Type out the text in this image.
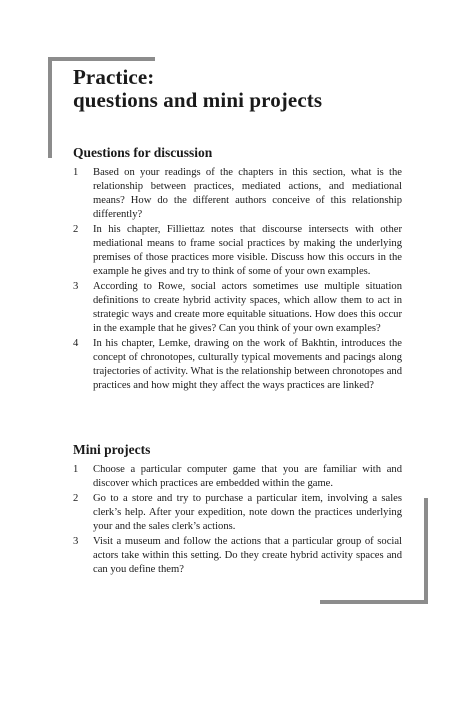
Practice:
questions and mini projects
Questions for discussion
1 Based on your readings of the chapters in this section, what is the relationship between practices, mediated actions, and mediational means? How do the different authors conceive of this relationship differently?
2 In his chapter, Filliettaz notes that discourse intersects with other mediational means to frame social practices by making the underlying premises of those practices more visible. Discuss how this occurs in the example he gives and try to think of some of your own examples.
3 According to Rowe, social actors sometimes use multiple situation definitions to create hybrid activity spaces, which allow them to act in strategic ways and create more equitable situations. How does this occur in the example that he gives? Can you think of your own examples?
4 In his chapter, Lemke, drawing on the work of Bakhtin, introduces the concept of chronotopes, culturally typical movements and pacings along trajectories of activity. What is the relationship between chronotopes and practices and how might they affect the ways practices are linked?
Mini projects
1 Choose a particular computer game that you are familiar with and discover which practices are embedded within the game.
2 Go to a store and try to purchase a particular item, involving a sales clerk’s help. After your expedition, note down the practices underlying your and the sales clerk’s actions.
3 Visit a museum and follow the actions that a particular group of social actors take within this setting. Do they create hybrid activity spaces and can you define them?
